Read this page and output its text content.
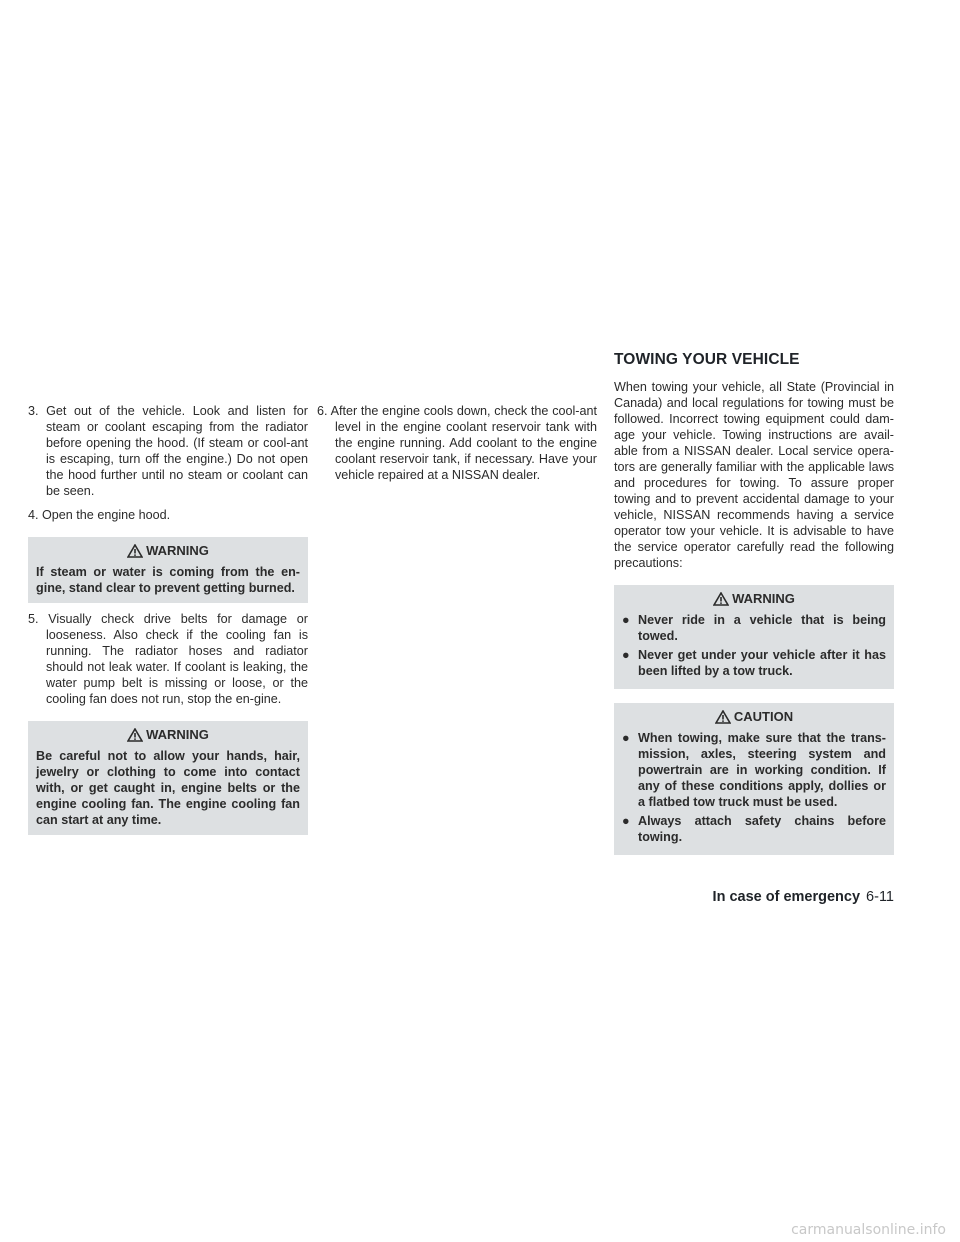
TOWING YOUR VEHICLE

3. Get out of the vehicle. Look and listen for steam or coolant escaping from the radiator before opening the hood. (If steam or cool-ant is escaping, turn off the engine.) Do not open the hood further until no steam or coolant can be seen.

4. Open the engine hood.

WARNING
If steam or water is coming from the en-gine, stand clear to prevent getting burned.

5. Visually check drive belts for damage or looseness. Also check if the cooling fan is running. The radiator hoses and radiator should not leak water. If coolant is leaking, the water pump belt is missing or loose, or the cooling fan does not run, stop the en-gine.

WARNING
Be careful not to allow your hands, hair, jewelry or clothing to come into contact with, or get caught in, engine belts or the engine cooling fan. The engine cooling fan can start at any time.

6. After the engine cools down, check the cool-ant level in the engine coolant reservoir tank with the engine running. Add coolant to the engine coolant reservoir tank, if necessary. Have your vehicle repaired at a NISSAN dealer.

When towing your vehicle, all State (Provincial in Canada) and local regulations for towing must be followed. Incorrect towing equipment could dam-age your vehicle. Towing instructions are avail-able from a NISSAN dealer. Local service opera-tors are generally familiar with the applicable laws and procedures for towing. To assure proper towing and to prevent accidental damage to your vehicle, NISSAN recommends having a service operator tow your vehicle. It is advisable to have the service operator carefully read the following precautions:

WARNING
● Never ride in a vehicle that is being towed.
● Never get under your vehicle after it has been lifted by a tow truck.
CAUTION
● When towing, make sure that the trans-mission, axles, steering system and powertrain are in working condition. If any of these conditions apply, dollies or a flatbed tow truck must be used.
● Always attach safety chains before towing.
In case of emergency 6-11
carmanualsonline.info
